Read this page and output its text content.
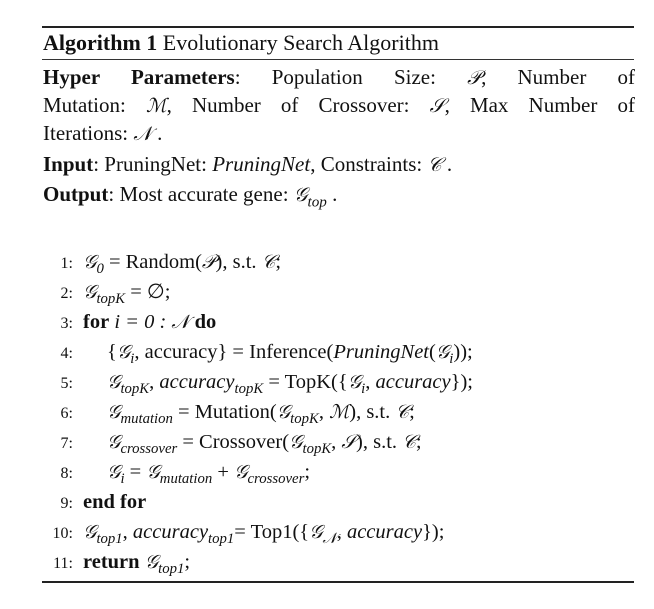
Algorithm 1 Evolutionary Search Algorithm
Hyper Parameters: Population Size: 𝒫, Number of
Mutation: ℳ, Number of Crossover: 𝒮, Max Number of
Iterations: 𝒩 .
Input: PruningNet: PruningNet, Constraints: 𝒞 .
Output: Most accurate gene: 𝒢$_{top}$ .
1: 𝒢$_0$ = Random(𝒫), s.t. 𝒞;
2: 𝒢$_{topK}$ = ∅;
3: for i = 0 : 𝒩 do
4: {𝒢$_i$, accuracy} = Inference(PruningNet(𝒢$_i$));
5: 𝒢$_{topK}$, accuracy$_{topK}$ = TopK({𝒢$_i$, accuracy});
6: 𝒢$_{mutation}$ = Mutation(𝒢$_{topK}$, ℳ), s.t. 𝒞;
7: 𝒢$_{crossover}$ = Crossover(𝒢$_{topK}$, 𝒮), s.t. 𝒞;
8: 𝒢$_i$ = 𝒢$_{mutation}$ + 𝒢$_{crossover}$;
9: end for
10: 𝒢$_{top1}$, accuracy$_{top1}$= Top1({𝒢$_𝒩$, accuracy});
11: return 𝒢$_{top1}$;
